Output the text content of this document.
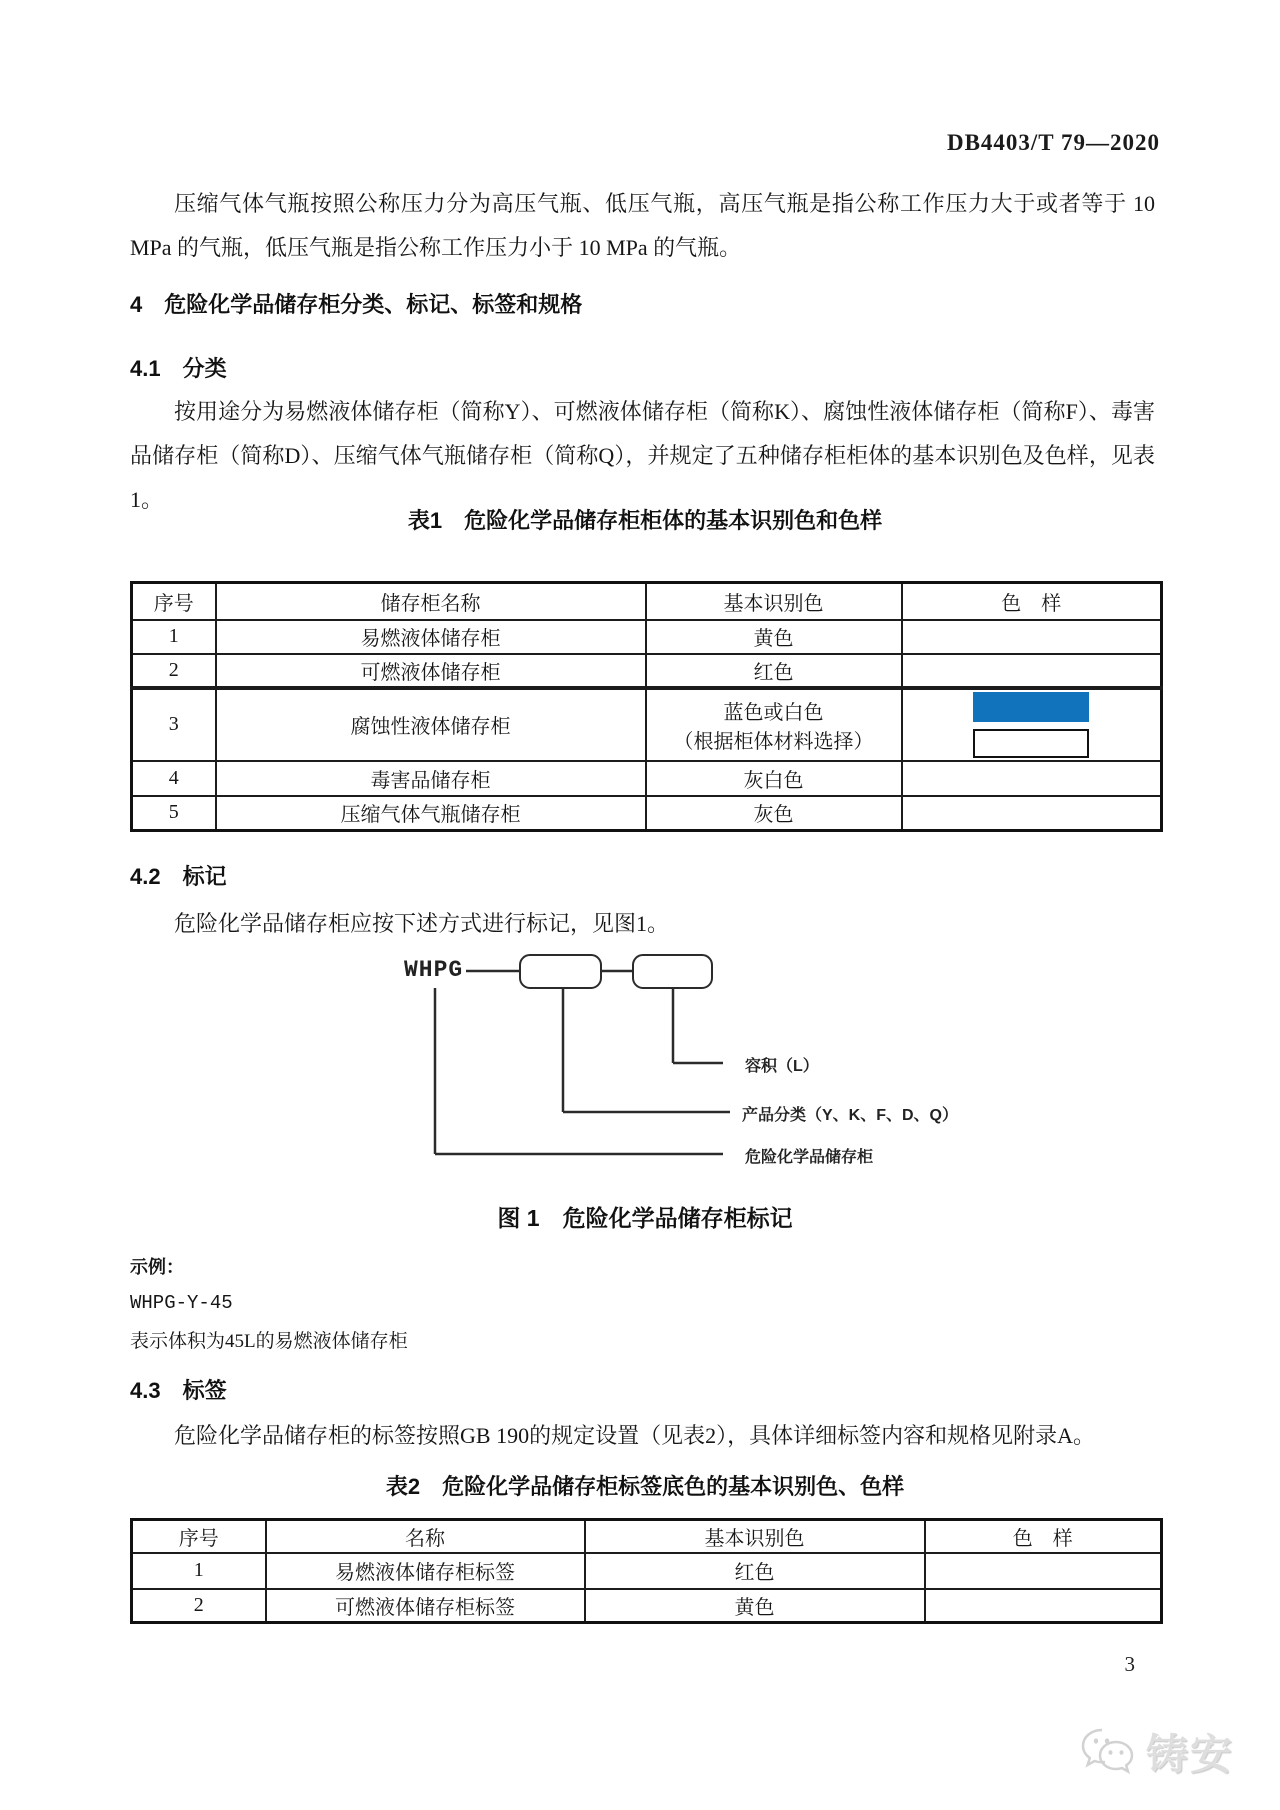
DB4403/T 79—2020
压缩气体气瓶按照公称压力分为高压气瓶、低压气瓶，高压气瓶是指公称工作压力大于或者等于 10 MPa 的气瓶，低压气瓶是指公称工作压力小于 10 MPa 的气瓶。
4　危险化学品储存柜分类、标记、标签和规格
4.1　分类
按用途分为易燃液体储存柜（简称Y）、可燃液体储存柜（简称K）、腐蚀性液体储存柜（简称F）、毒害品储存柜（简称D）、压缩气体气瓶储存柜（简称Q），并规定了五种储存柜柜体的基本识别色及色样，见表1。
表1　危险化学品储存柜柜体的基本识别色和色样
序号	储存柜名称	基本识别色	色　样
1	易燃液体储存柜	黄色	

2	可燃液体储存柜	红色	

3	腐蚀性液体储存柜	蓝色或白色
（根据柜体材料选择）	

4	毒害品储存柜	灰白色	

5	压缩气体气瓶储存柜	灰色	
4.2　标记
危险化学品储存柜应按下述方式进行标记，见图1。
WHPG
容积（L）
产品分类（Y、K、F、D、Q）
危险化学品储存柜
图 1　危险化学品储存柜标记
示例：
WHPG-Y-45
表示体积为45L的易燃液体储存柜
4.3　标签
危险化学品储存柜的标签按照GB 190的规定设置（见表2），具体详细标签内容和规格见附录A。
表2　危险化学品储存柜标签底色的基本识别色、色样
序号	名称	基本识别色	色　样
1	易燃液体储存柜标签	红色	

2	可燃液体储存柜标签	黄色	
3
铸安
